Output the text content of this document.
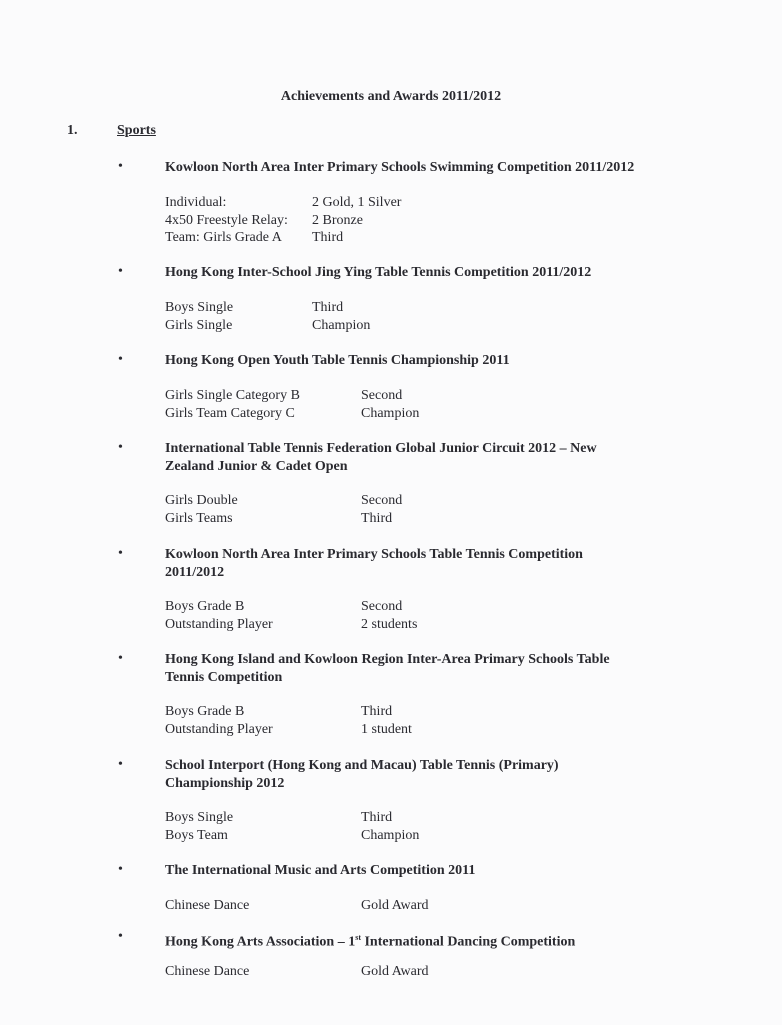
Achievements and Awards 2011/2012
1.	Sports
•	Kowloon North Area Inter Primary Schools Swimming Competition 2011/2012
Individual:	2 Gold, 1 Silver
4x50 Freestyle Relay: 2 Bronze
Team: Girls Grade A Third
•	Hong Kong Inter-School Jing Ying Table Tennis Competition 2011/2012
Boys Single	Third
Girls Single	Champion
•	Hong Kong Open Youth Table Tennis Championship 2011
Girls Single Category B	Second
Girls Team Category C	Champion
•	International Table Tennis Federation Global Junior Circuit 2012 – New
Zealand Junior & Cadet Open
Girls Double	Second
Girls Teams	Third
•	Kowloon North Area Inter Primary Schools Table Tennis Competition
2011/2012
Boys Grade B	Second
Outstanding Player	2 students
•	Hong Kong Island and Kowloon Region Inter-Area Primary Schools Table
Tennis Competition
Boys Grade B	Third
Outstanding Player	1 student
•	School Interport (Hong Kong and Macau) Table Tennis (Primary)
Championship 2012
Boys Single	Third
Boys Team	Champion
•	The International Music and Arts Competition 2011
Chinese Dance	Gold Award
•	Hong Kong Arts Association – 1st International Dancing Competition
Chinese Dance	Gold Award
